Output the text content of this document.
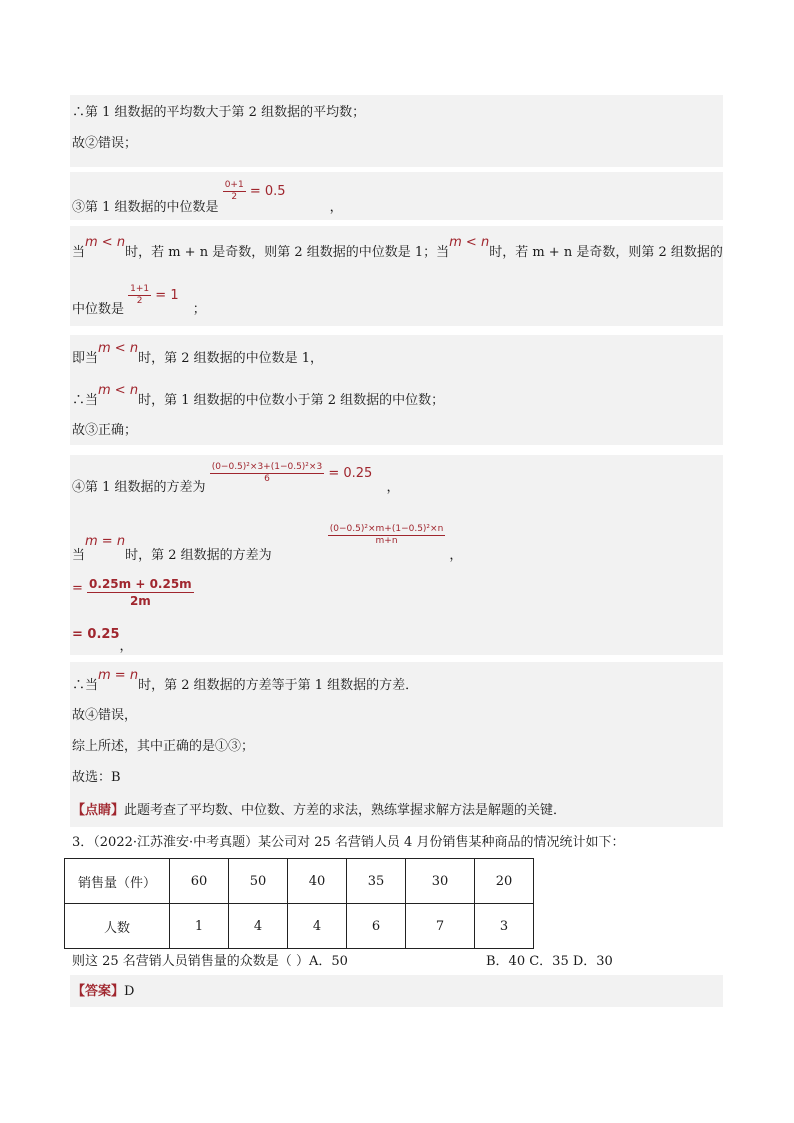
∴第 1 组数据的平均数大于第 2 组数据的平均数；
故②错误；
③第 1 组数据的中位数是
$\frac{0+1}{2} = 0.5$ ，
当m < n时，若 m + n 是奇数，则第 2 组数据的中位数是 1；当m < n时，若 m + n 是奇数，则第 2 组数据的
中位数是
$\frac{1+1}{2} = 1$ ；
即当m < n时，第 2 组数据的中位数是 1，
∴当m < n时，第 1 组数据的中位数小于第 2 组数据的中位数；
故③正确；
④第 1 组数据的方差为
$\frac{\text{(0−0.5)²×3+(1−0.5)²×3}}{6} = 0.25$ ，
当m = n时，第 2 组数据的方差为
$\frac{\text{(0−0.5)²×m+(1−0.5)²×n}}{m+n}$
，
= $\frac{0.25m + 0.25m}{2m}$
= 0.25，
∴当m = n时，第 2 组数据的方差等于第 1 组数据的方差．
故④错误，
综上所述，其中正确的是①③；
故选：B
【点睛】此题考查了平均数、中位数、方差的求法，熟练掌握求解方法是解题的关键．
3．（2022·江苏淮安·中考真题）某公司对 25 名营销人员 4 月份销售某种商品的情况统计如下：
销售量（件）	60	50	40	35	30	20
人数	1	4	4	6	7	3
则这 25 名营销人员销售量的众数是（ ）A．50	B．40 C．35 D．30
【答案】D
